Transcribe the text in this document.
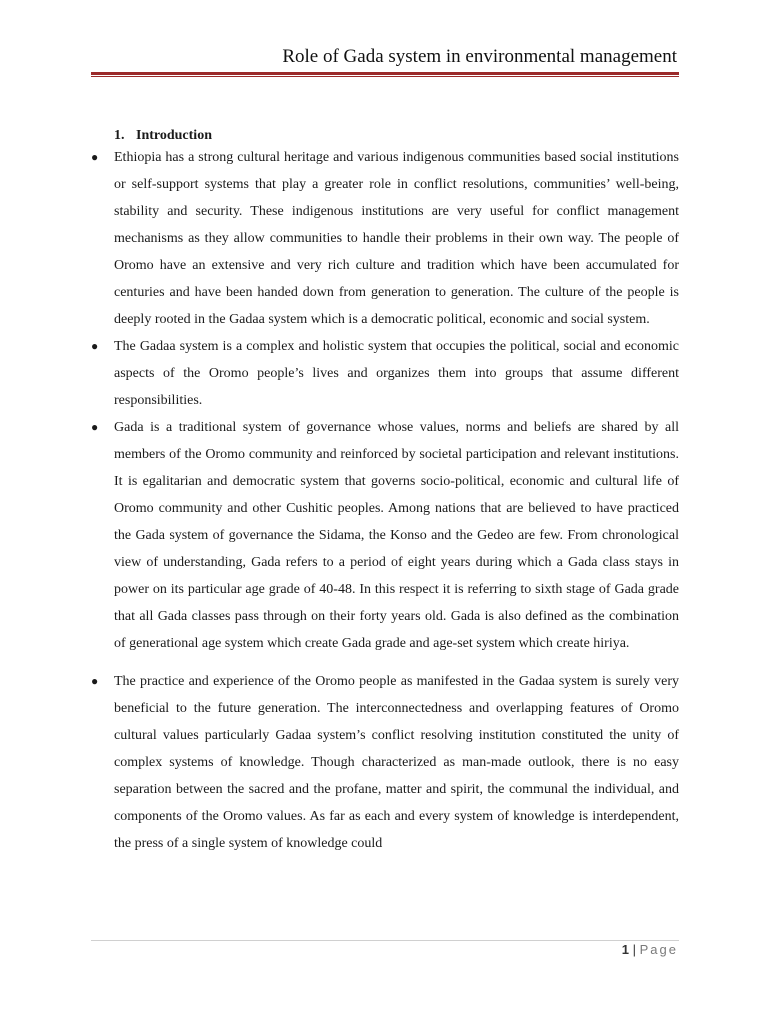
Role of Gada system in environmental management
1. Introduction
● Ethiopia has a strong cultural heritage and various indigenous communities based social institutions or self-support systems that play a greater role in conflict resolutions, communities’ well-being, stability and security. These indigenous institutions are very useful for conflict management mechanisms as they allow communities to handle their problems in their own way. The people of Oromo have an extensive and very rich culture and tradition which have been accumulated for centuries and have been handed down from generation to generation. The culture of the people is deeply rooted in the Gadaa system which is a democratic political, economic and social system.
● The Gadaa system is a complex and holistic system that occupies the political, social and economic aspects of the Oromo people’s lives and organizes them into groups that assume different responsibilities.
● Gada is a traditional system of governance whose values, norms and beliefs are shared by all members of the Oromo community and reinforced by societal participation and relevant institutions. It is egalitarian and democratic system that governs socio-political, economic and cultural life of Oromo community and other Cushitic peoples. Among nations that are believed to have practiced the Gada system of governance the Sidama, the Konso and the Gedeo are few. From chronological view of understanding, Gada refers to a period of eight years during which a Gada class stays in power on its particular age grade of 40-48. In this respect it is referring to sixth stage of Gada grade that all Gada classes pass through on their forty years old. Gada is also defined as the combination of generational age system which create Gada grade and age-set system which create hiriya.
● The practice and experience of the Oromo people as manifested in the Gadaa system is surely very beneficial to the future generation. The interconnectedness and overlapping features of Oromo cultural values particularly Gadaa system’s conflict resolving institution constituted the unity of complex systems of knowledge. Though characterized as man-made outlook, there is no easy separation between the sacred and the profane, matter and spirit, the communal the individual, and components of the Oromo values. As far as each and every system of knowledge is interdependent, the press of a single system of knowledge could
1 | Page
